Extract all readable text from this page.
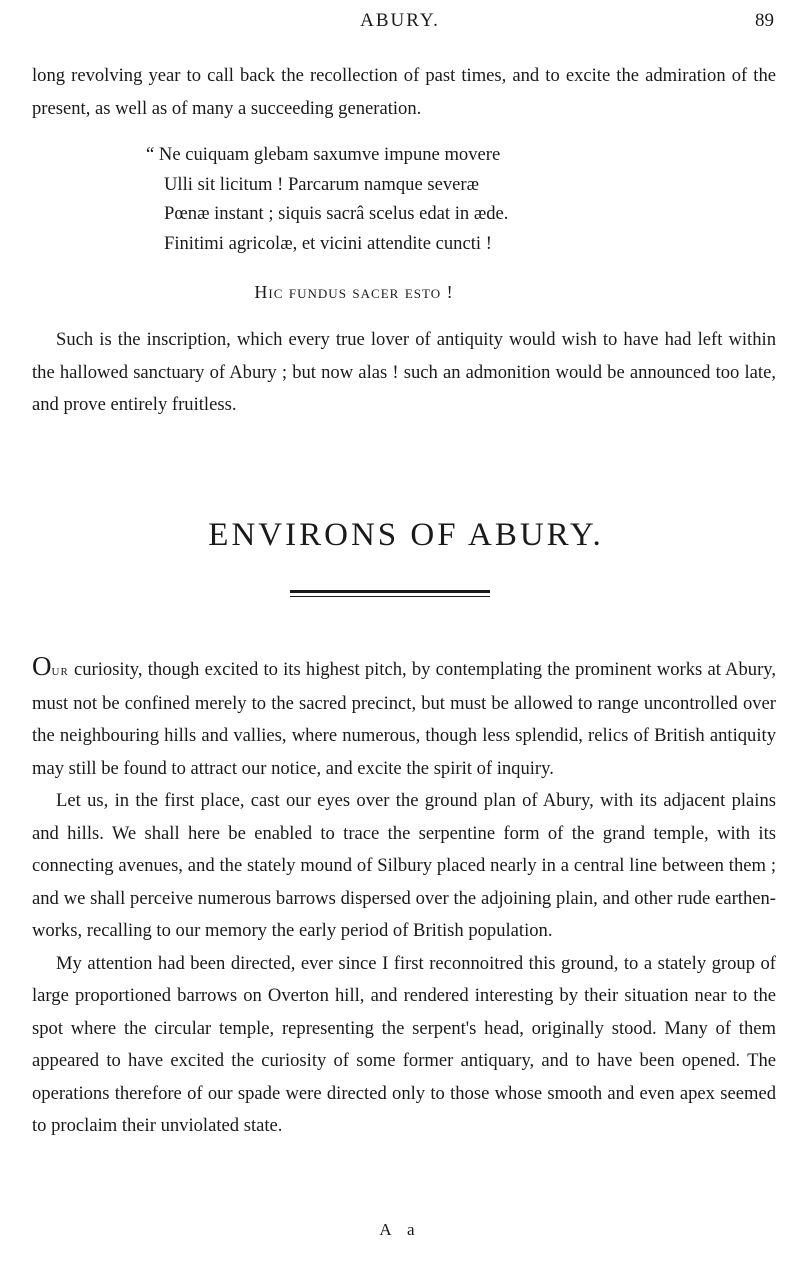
ABURY.	89

long revolving year to call back the recollection of past times, and to excite the admiration of the present, as well as of many a succeeding generation.

“ Ne cuiquam glebam saxumve impune movere
Ulli sit licitum ! Parcarum namque severæ
Pœnæ instant ; siquis sacrâ scelus edat in æde.
Finitimi agricolæ, et vicini attendite cuncti !
Hic fundus sacer esto !

Such is the inscription, which every true lover of antiquity would wish to have had left within the hallowed sanctuary of Abury ; but now alas ! such an admonition would be announced too late, and prove entirely fruitless.

ENVIRONS OF ABURY.

Our curiosity, though excited to its highest pitch, by contemplating the prominent works at Abury, must not be confined merely to the sacred precinct, but must be allowed to range uncontrolled over the neighbouring hills and vallies, where numerous, though less splendid, relics of British antiquity may still be found to attract our notice, and excite the spirit of inquiry.

Let us, in the first place, cast our eyes over the ground plan of Abury, with its adjacent plains and hills. We shall here be enabled to trace the serpentine form of the grand temple, with its connecting avenues, and the stately mound of Silbury placed nearly in a central line between them ; and we shall perceive numerous barrows dispersed over the adjoining plain, and other rude earthen-works, recalling to our memory the early period of British population.

My attention had been directed, ever since I first reconnoitred this ground, to a stately group of large proportioned barrows on Overton hill, and rendered interesting by their situation near to the spot where the circular temple, representing the serpent's head, originally stood. Many of them appeared to have excited the curiosity of some former antiquary, and to have been opened. The operations therefore of our spade were directed only to those whose smooth and even apex seemed to proclaim their unviolated state.

A a
